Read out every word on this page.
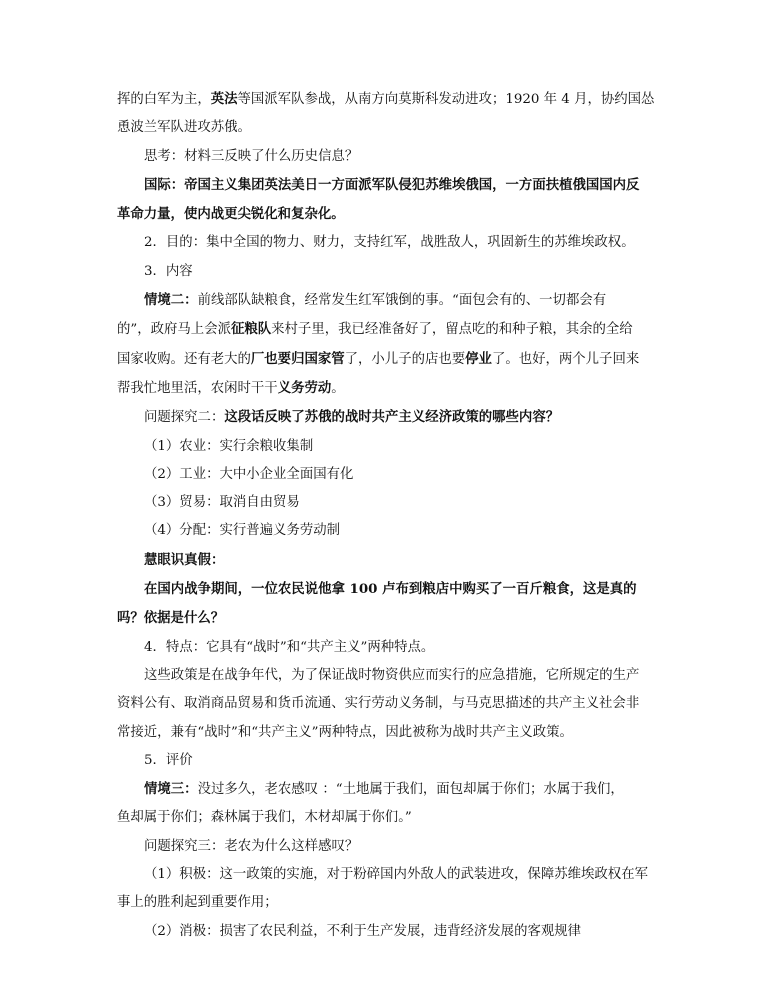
挥的白军为主，英法等国派军队参战，从南方向莫斯科发动进攻；1920 年 4 月，协约国怂

恿波兰军队进攻苏俄。

思考：材料三反映了什么历史信息？

国际：帝国主义集团英法美日一方面派军队侵犯苏维埃俄国，一方面扶植俄国国内反

革命力量，使内战更尖锐化和复杂化。

2．目的：集中全国的物力、财力，支持红军，战胜敌人，巩固新生的苏维埃政权。

3．内容

情境二：前线部队缺粮食，经常发生红军饿倒的事。“面包会有的、一切都会有

的”，政府马上会派征粮队来村子里，我已经准备好了，留点吃的和种子粮，其余的全给

国家收购。还有老大的厂也要归国家管了，小儿子的店也要停业了。也好，两个儿子回来

帮我忙地里活，农闲时干干义务劳动。

问题探究二：这段话反映了苏俄的战时共产主义经济政策的哪些内容？

（1）农业：实行余粮收集制

（2）工业：大中小企业全面国有化

（3）贸易：取消自由贸易

（4）分配：实行普遍义务劳动制

慧眼识真假：

在国内战争期间，一位农民说他拿 100 卢布到粮店中购买了一百斤粮食，这是真的

吗？依据是什么？

4．特点：它具有“战时”和“共产主义”两种特点。

这些政策是在战争年代，为了保证战时物资供应而实行的应急措施，它所规定的生产

资料公有、取消商品贸易和货币流通、实行劳动义务制，与马克思描述的共产主义社会非

常接近，兼有“战时”和“共产主义”两种特点，因此被称为战时共产主义政策。

5．评价

情境三：没过多久，老农感叹 ：“土地属于我们，面包却属于你们；水属于我们，

鱼却属于你们；森林属于我们，木材却属于你们。”

问题探究三：老农为什么这样感叹？

（1）积极：这一政策的实施，对于粉碎国内外敌人的武装进攻，保障苏维埃政权在军

事上的胜利起到重要作用；

（2）消极：损害了农民利益，不利于生产发展，违背经济发展的客观规律
